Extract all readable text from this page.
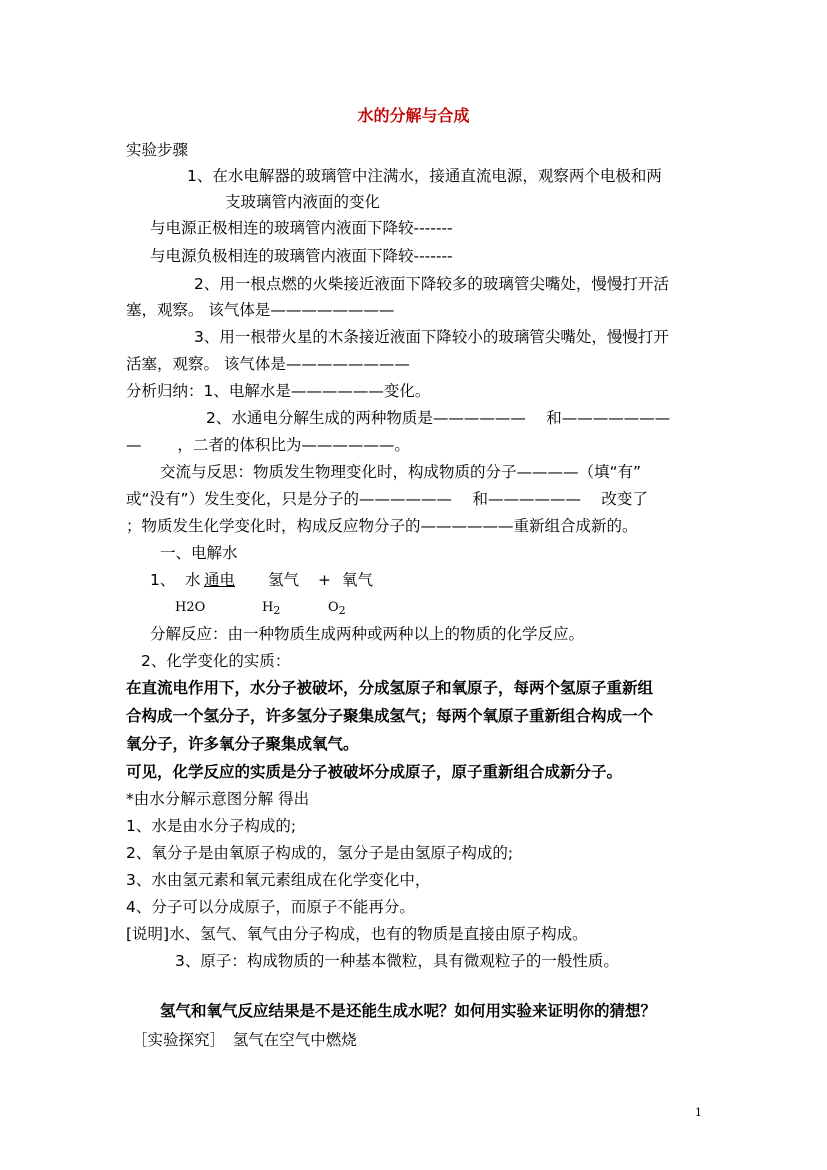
水的分解与合成
实验步骤
1、在水电解器的玻璃管中注满水，接通直流电源，观察两个电极和两
支玻璃管内液面的变化
与电源正极相连的玻璃管内液面下降较-------
与电源负极相连的玻璃管内液面下降较-------
2、用一根点燃的火柴接近液面下降较多的玻璃管尖嘴处，慢慢打开活
塞，观察。 该气体是————————
3、用一根带火星的木条接近液面下降较小的玻璃管尖嘴处，慢慢打开
活塞，观察。 该气体是————————
分析归纳：1、电解水是——————变化。
2、水通电分解生成的两种物质是——————　 和———————
—　　 ，二者的体积比为——————。
交流与反思：物质发生物理变化时，构成物质的分子————（填“有”
或“没有”）发生变化，只是分子的——————　 和——————　 改变了
；物质发生化学变化时，构成反应物分子的——————重新组合成新的。
一、电解水
1、 水 通电	氢气 + 氧气
H2O	$H_2$	$O_2$
分解反应：由一种物质生成两种或两种以上的物质的化学反应。
2、化学变化的实质：
在直流电作用下，水分子被破坏，分成氢原子和氧原子，每两个氢原子重新组
合构成一个氢分子，许多氢分子聚集成氢气；每两个氧原子重新组合构成一个
氧分子，许多氧分子聚集成氧气。
可见，化学反应的实质是分子被破坏分成原子，原子重新组合成新分子。
*由水分解示意图分解 得出
1、水是由水分子构成的;
2、氧分子是由氧原子构成的，氢分子是由氢原子构成的;
3、水由氢元素和氧元素组成在化学变化中，
4、分子可以分成原子，而原子不能再分。
[说明]水、氢气、氧气由分子构成，也有的物质是直接由原子构成。
3、原子：构成物质的一种基本微粒，具有微观粒子的一般性质。
氢气和氧气反应结果是不是还能生成水呢？如何用实验来证明你的猜想？
［实验探究］　氢气在空气中燃烧
1
